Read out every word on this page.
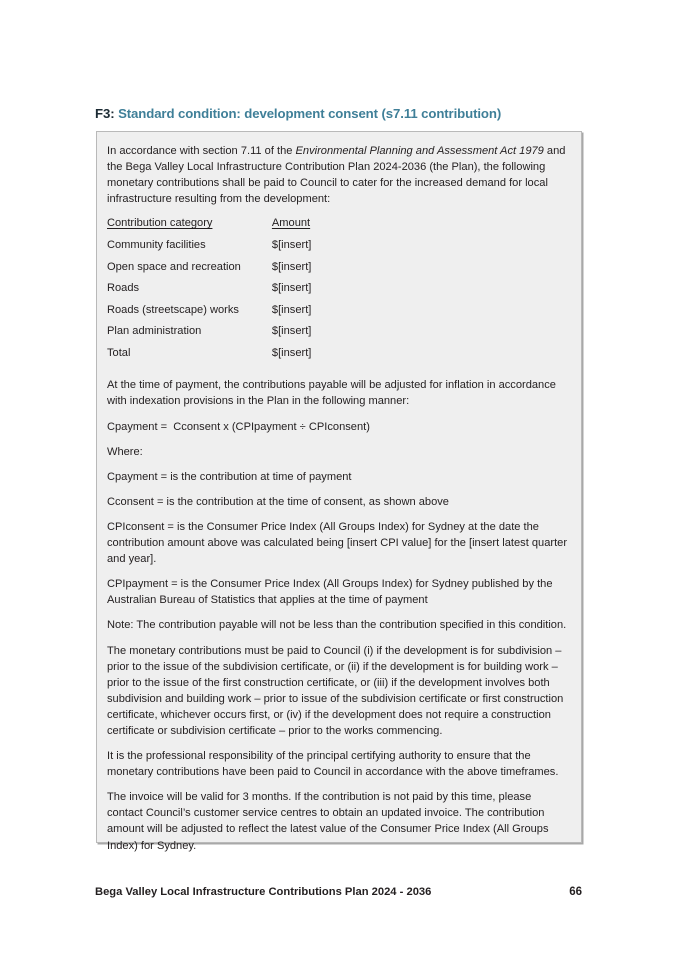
F3: Standard condition: development consent (s7.11 contribution)

In accordance with section 7.11 of the Environmental Planning and Assessment Act 1979 and the Bega Valley Local Infrastructure Contribution Plan 2024-2036 (the Plan), the following monetary contributions shall be paid to Council to cater for the increased demand for local infrastructure resulting from the development:

Contribution category	Amount
Community facilities	$[insert]
Open space and recreation	$[insert]
Roads	$[insert]
Roads (streetscape) works	$[insert]
Plan administration	$[insert]
Total	$[insert]

At the time of payment, the contributions payable will be adjusted for inflation in accordance with indexation provisions in the Plan in the following manner:

Cpayment =  Cconsent x (CPIpayment ÷ CPIconsent)

Where:

Cpayment = is the contribution at time of payment

Cconsent = is the contribution at the time of consent, as shown above

CPIconsent = is the Consumer Price Index (All Groups Index) for Sydney at the date the contribution amount above was calculated being [insert CPI value] for the [insert latest quarter and year].

CPIpayment = is the Consumer Price Index (All Groups Index) for Sydney published by the Australian Bureau of Statistics that applies at the time of payment

Note: The contribution payable will not be less than the contribution specified in this condition.

The monetary contributions must be paid to Council (i) if the development is for subdivision – prior to the issue of the subdivision certificate, or (ii) if the development is for building work – prior to the issue of the first construction certificate, or (iii) if the development involves both subdivision and building work – prior to issue of the subdivision certificate or first construction certificate, whichever occurs first, or (iv) if the development does not require a construction certificate or subdivision certificate – prior to the works commencing.

It is the professional responsibility of the principal certifying authority to ensure that the monetary contributions have been paid to Council in accordance with the above timeframes.

The invoice will be valid for 3 months. If the contribution is not paid by this time, please contact Council’s customer service centres to obtain an updated invoice. The contribution amount will be adjusted to reflect the latest value of the Consumer Price Index (All Groups Index) for Sydney.

Bega Valley Local Infrastructure Contributions Plan 2024 - 2036	66
